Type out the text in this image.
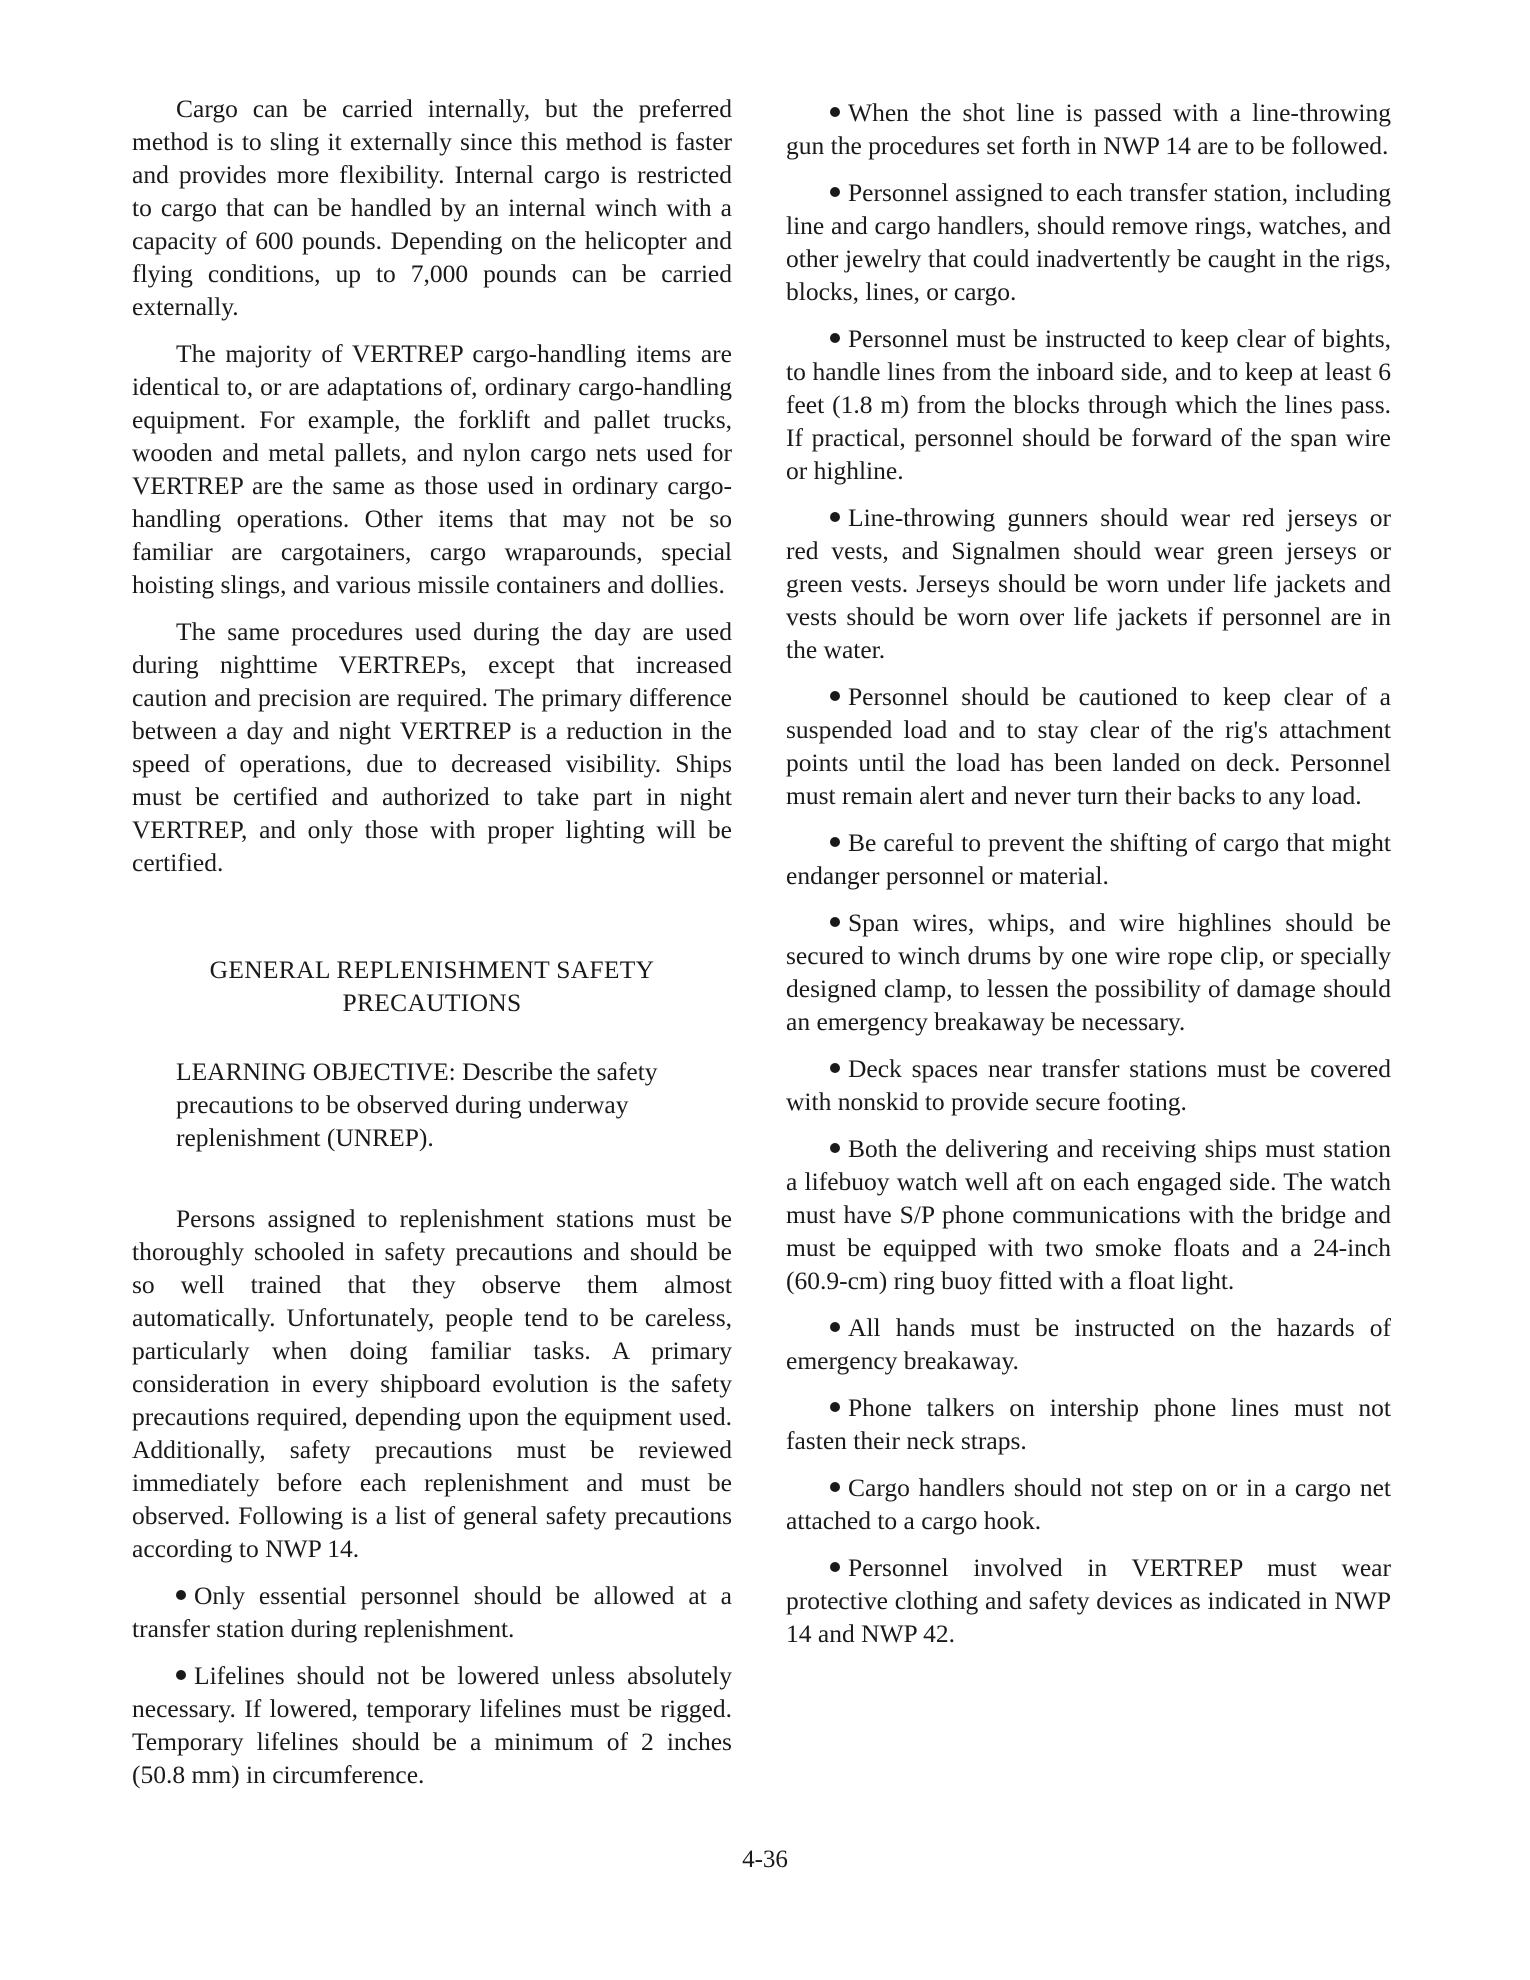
Cargo can be carried internally, but the preferred method is to sling it externally since this method is faster and provides more flexibility. Internal cargo is restricted to cargo that can be handled by an internal winch with a capacity of 600 pounds. Depending on the helicopter and flying conditions, up to 7,000 pounds can be carried externally.

The majority of VERTREP cargo-handling items are identical to, or are adaptations of, ordinary cargo-handling equipment. For example, the forklift and pallet trucks, wooden and metal pallets, and nylon cargo nets used for VERTREP are the same as those used in ordinary cargo-handling operations. Other items that may not be so familiar are cargotainers, cargo wraparounds, special hoisting slings, and various missile containers and dollies.

The same procedures used during the day are used during nighttime VERTREPs, except that increased caution and precision are required. The primary difference between a day and night VERTREP is a reduction in the speed of operations, due to decreased visibility. Ships must be certified and authorized to take part in night VERTREP, and only those with proper lighting will be certified.

GENERAL REPLENISHMENT SAFETY
PRECAUTIONS
LEARNING OBJECTIVE: Describe the safety precautions to be observed during underway replenishment (UNREP).

Persons assigned to replenishment stations must be thoroughly schooled in safety precautions and should be so well trained that they observe them almost automatically. Unfortunately, people tend to be careless, particularly when doing familiar tasks. A primary consideration in every shipboard evolution is the safety precautions required, depending upon the equipment used. Additionally, safety precautions must be reviewed immediately before each replenishment and must be observed. Following is a list of general safety precautions according to NWP 14.

Only essential personnel should be allowed at a transfer station during replenishment.

Lifelines should not be lowered unless absolutely necessary. If lowered, temporary lifelines must be rigged. Temporary lifelines should be a minimum of 2 inches (50.8 mm) in circumference.

When the shot line is passed with a line-throwing gun the procedures set forth in NWP 14 are to be followed.

Personnel assigned to each transfer station, including line and cargo handlers, should remove rings, watches, and other jewelry that could inadvertently be caught in the rigs, blocks, lines, or cargo.

Personnel must be instructed to keep clear of bights, to handle lines from the inboard side, and to keep at least 6 feet (1.8 m) from the blocks through which the lines pass. If practical, personnel should be forward of the span wire or highline.

Line-throwing gunners should wear red jerseys or red vests, and Signalmen should wear green jerseys or green vests. Jerseys should be worn under life jackets and vests should be worn over life jackets if personnel are in the water.

Personnel should be cautioned to keep clear of a suspended load and to stay clear of the rig's attachment points until the load has been landed on deck. Personnel must remain alert and never turn their backs to any load.

Be careful to prevent the shifting of cargo that might endanger personnel or material.

Span wires, whips, and wire highlines should be secured to winch drums by one wire rope clip, or specially designed clamp, to lessen the possibility of damage should an emergency breakaway be necessary.

Deck spaces near transfer stations must be covered with nonskid to provide secure footing.

Both the delivering and receiving ships must station a lifebuoy watch well aft on each engaged side. The watch must have S/P phone communications with the bridge and must be equipped with two smoke floats and a 24-inch (60.9-cm) ring buoy fitted with a float light.

All hands must be instructed on the hazards of emergency breakaway.

Phone talkers on intership phone lines must not fasten their neck straps.

Cargo handlers should not step on or in a cargo net attached to a cargo hook.

Personnel involved in VERTREP must wear protective clothing and safety devices as indicated in NWP 14 and NWP 42.

4-36
